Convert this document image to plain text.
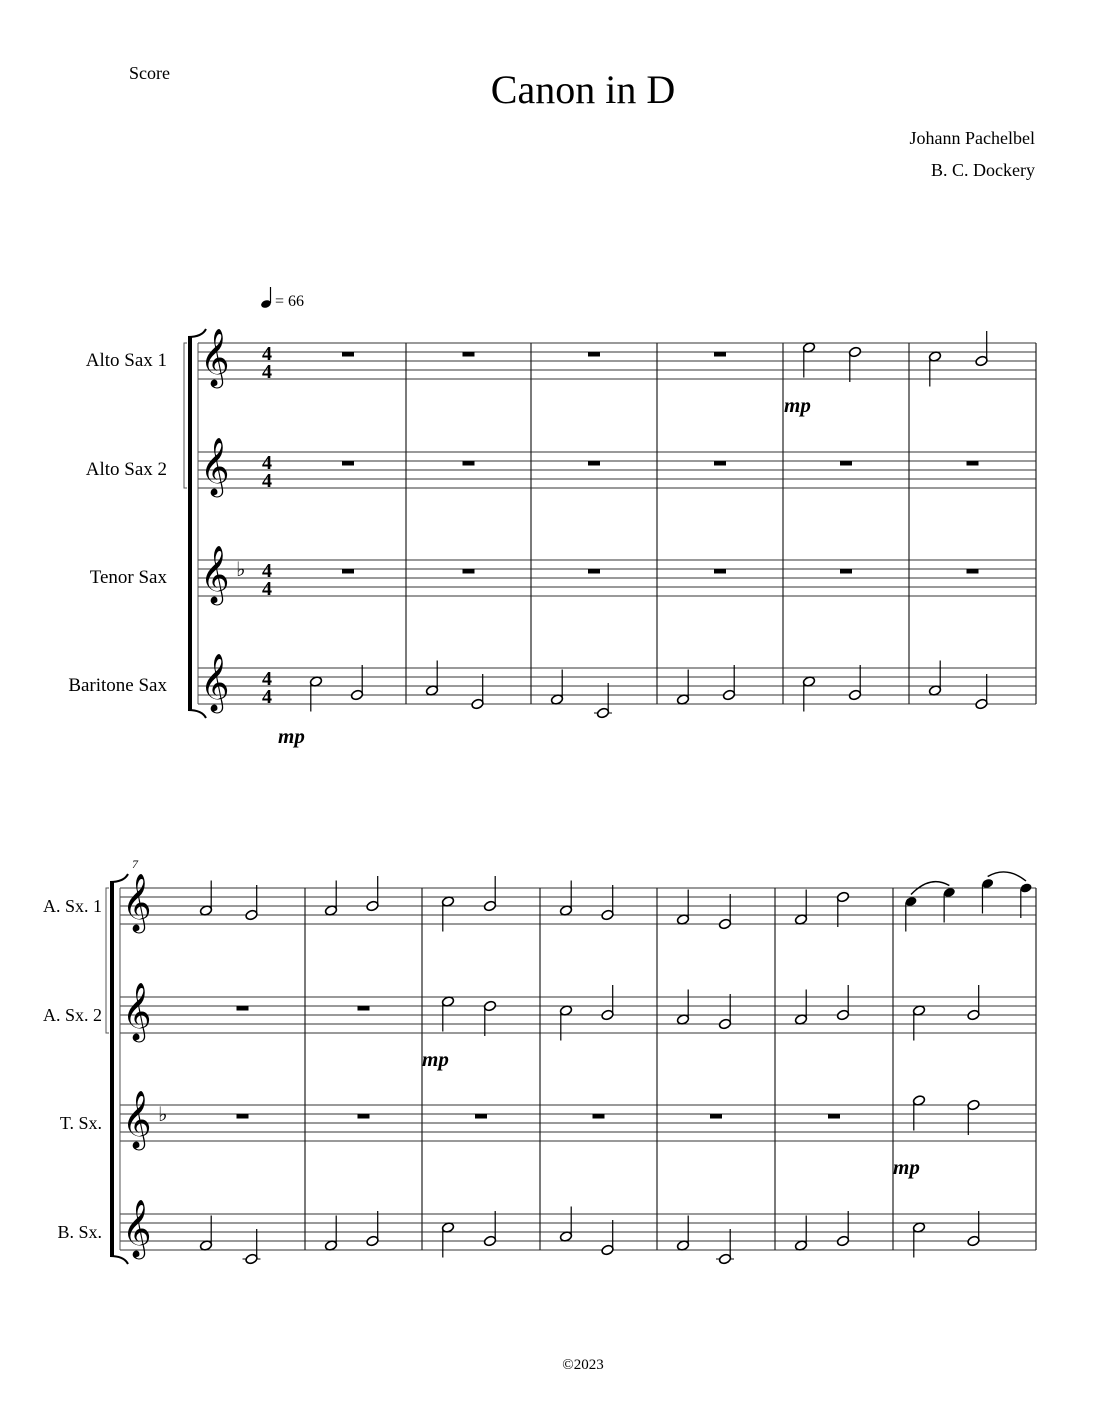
Score	Canon in D
Johann Pachelbel
B. C. Dockery
Alto Sax 1
Alto Sax 2
Tenor Sax
Baritone Sax
A. Sx. 1
A. Sx. 2
T. Sx.
B. Sx.
©2023
= 66
𝄞 4
4
𝄞 4
4
𝄞 ♭ 4
4
𝄞 4
4
mp
mp
7
𝄞
𝄞
𝄞 ♭
𝄞
mp
mp
